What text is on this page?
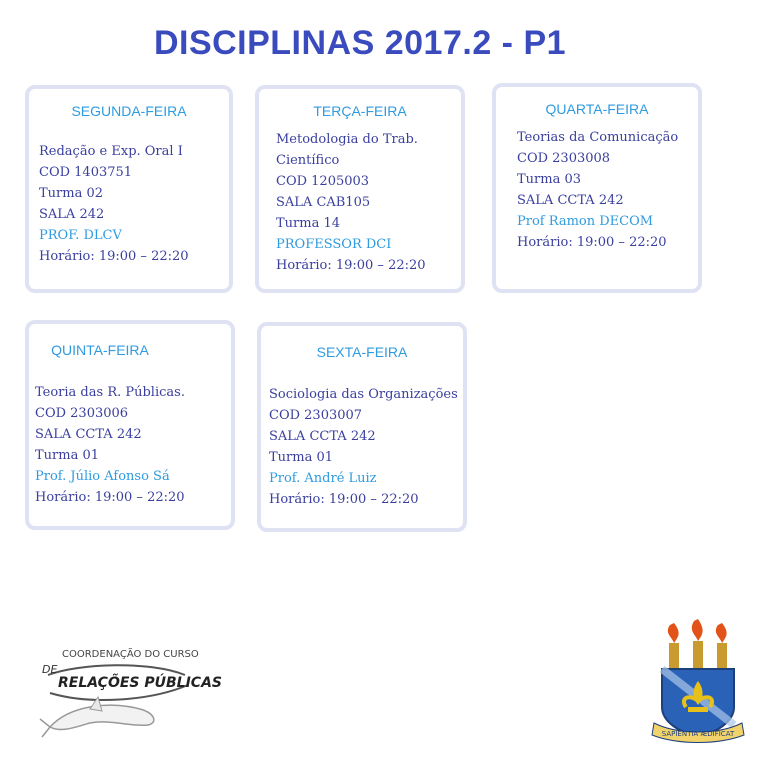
DISCIPLINAS 2017.2 - P1
SEGUNDA-FEIRA
Redação e Exp. Oral I
COD 1403751
Turma 02
SALA 242
PROF. DLCV
Horário: 19:00 – 22:20
TERÇA-FEIRA
Metodologia do Trab.
Científico
COD 1205003
SALA CAB105
Turma 14
PROFESSOR DCI
Horário: 19:00 – 22:20
QUARTA-FEIRA
Teorias da Comunicação
COD 2303008
Turma 03
SALA CCTA 242
Prof Ramon DECOM
Horário: 19:00 – 22:20
QUINTA-FEIRA
Teoria das R. Públicas.
COD 2303006
SALA CCTA 242
Turma 01
Prof. Júlio Afonso Sá
Horário: 19:00 – 22:20
SEXTA-FEIRA
Sociologia das Organizações
COD 2303007
SALA CCTA 242
Turma 01
Prof. André Luiz
Horário: 19:00 – 22:20
COORDENAÇÃO DO CURSO
DE
RELAÇÕES PÚBLICAS
SAPIENTIA ÆDIFICAT
